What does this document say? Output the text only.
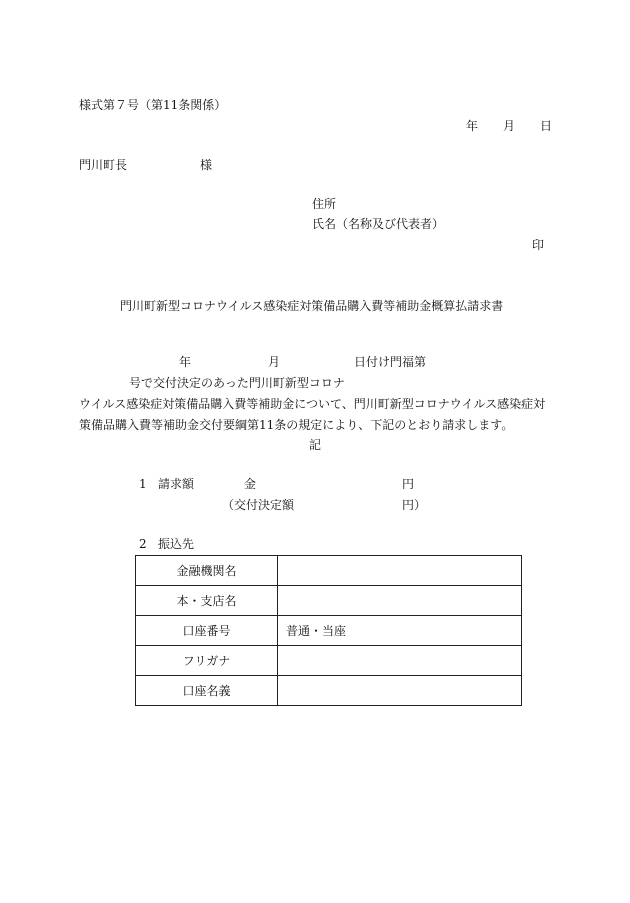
様式第７号（第11条関係）
年 月 日
門川町長	様
住所
氏名（名称及び代表者）
印
門川町新型コロナウイルス感染症対策備品購入費等補助金概算払請求書
年	月	日付け門福第号で交付決定のあった門川町新型コロナ
ウイルス感染症対策備品購入費等補助金について、門川町新型コロナウイルス感染症対
策備品購入費等補助金交付要綱第11条の規定により、下記のとおり請求します。
記
1 請求額	金	円
（交付決定額	円）
2 振込先
金融機関名	
本・支店名	
口座番号	普通・当座
フリガナ	
口座名義	
